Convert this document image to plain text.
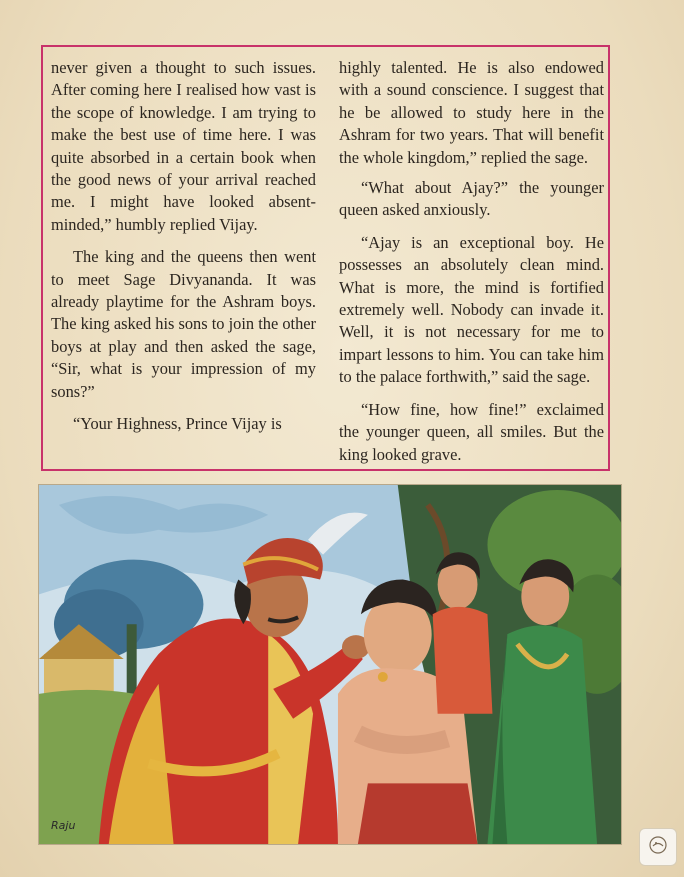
never given a thought to such issues. After coming here I realised how vast is the scope of knowledge. I am trying to make the best use of time here. I was quite absorbed in a certain book when the good news of your arrival reached me. I might have looked absent-minded,” humbly replied Vijay.

The king and the queens then went to meet Sage Divyananda. It was already playtime for the Ashram boys. The king asked his sons to join the other boys at play and then asked the sage, “Sir, what is your impression of my sons?”

“Your Highness, Prince Vijay is

highly talented. He is also endowed with a sound conscience. I suggest that he be allowed to study here in the Ashram for two years. That will benefit the whole kingdom,” replied the sage.

“What about Ajay?” the younger queen asked anxiously.

“Ajay is an exceptional boy. He possesses an absolutely clean mind. What is more, the mind is fortified extremely well. Nobody can invade it. Well, it is not necessary for me to impart lessons to him. You can take him to the palace forthwith,” said the sage.

“How fine, how fine!” exclaimed the younger queen, all smiles. But the king looked grave.

Raju
